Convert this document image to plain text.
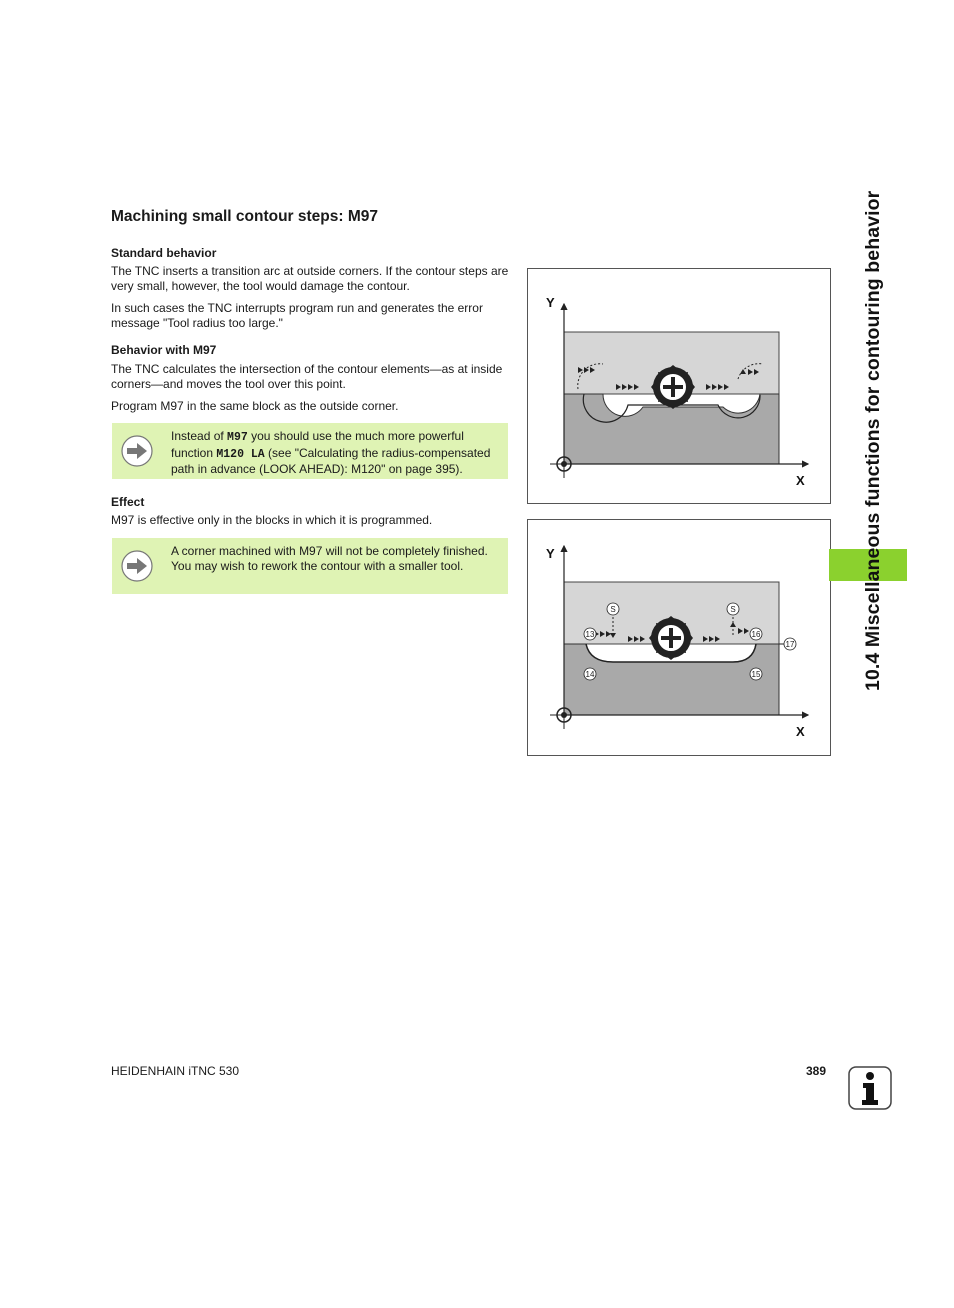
Machining small contour steps: M97

Standard behavior

The TNC inserts a transition arc at outside corners. If the contour steps are very small, however, the tool would damage the contour.

In such cases the TNC interrupts program run and generates the error message "Tool radius too large."

Behavior with M97

The TNC calculates the intersection of the contour elements—as at inside corners—and moves the tool over this point.

Program M97 in the same block as the outside corner.

Instead of M97 you should use the much more powerful function M120 LA (see "Calculating the radius-compensated path in advance (LOOK AHEAD): M120" on page 395).

Effect

M97 is effective only in the blocks in which it is programmed.

A corner machined with M97 will not be completely finished. You may wish to rework the contour with a smaller tool.

Y
X
S	S
13	16
17
14	15
Y
X
10.4 Miscellaneous functions for contouring behavior
HEIDENHAIN iTNC 530	389
